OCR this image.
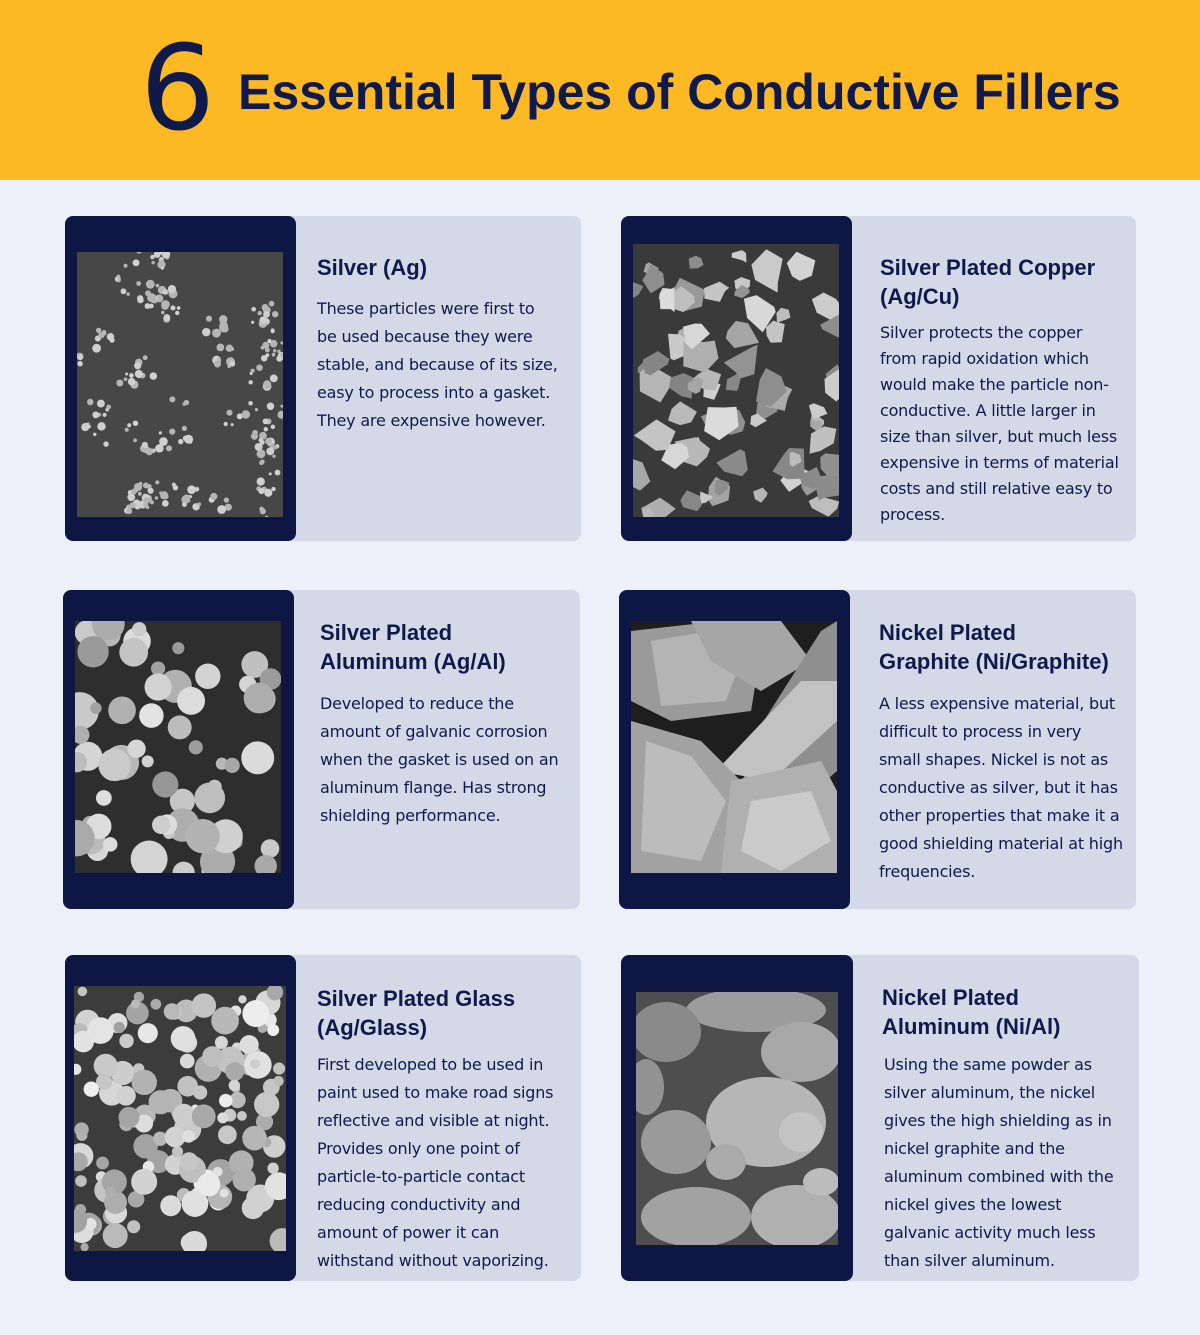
6 Essential Types of Conductive Fillers
Silver (Ag)
These particles were first to
be used because they were
stable, and because of its size,
easy to process into a gasket.
They are expensive however.
Silver Plated Copper
(Ag/Cu)
Silver protects the copper
from rapid oxidation which
would make the particle non-
conductive. A little larger in
size than silver, but much less
expensive in terms of material
costs and still relative easy to
process.
Silver Plated
Aluminum (Ag/Al)
Developed to reduce the
amount of galvanic corrosion
when the gasket is used on an
aluminum flange. Has strong
shielding performance.
Nickel Plated
Graphite (Ni/Graphite)
A less expensive material, but
difficult to process in very
small shapes. Nickel is not as
conductive as silver, but it has
other properties that make it a
good shielding material at high
frequencies.
Silver Plated Glass
(Ag/Glass)
First developed to be used in
paint used to make road signs
reflective and visible at night.
Provides only one point of
particle-to-particle contact
reducing conductivity and
amount of power it can
withstand without vaporizing.
Nickel Plated
Aluminum (Ni/Al)
Using the same powder as
silver aluminum, the nickel
gives the high shielding as in
nickel graphite and the
aluminum combined with the
nickel gives the lowest
galvanic activity much less
than silver aluminum.
